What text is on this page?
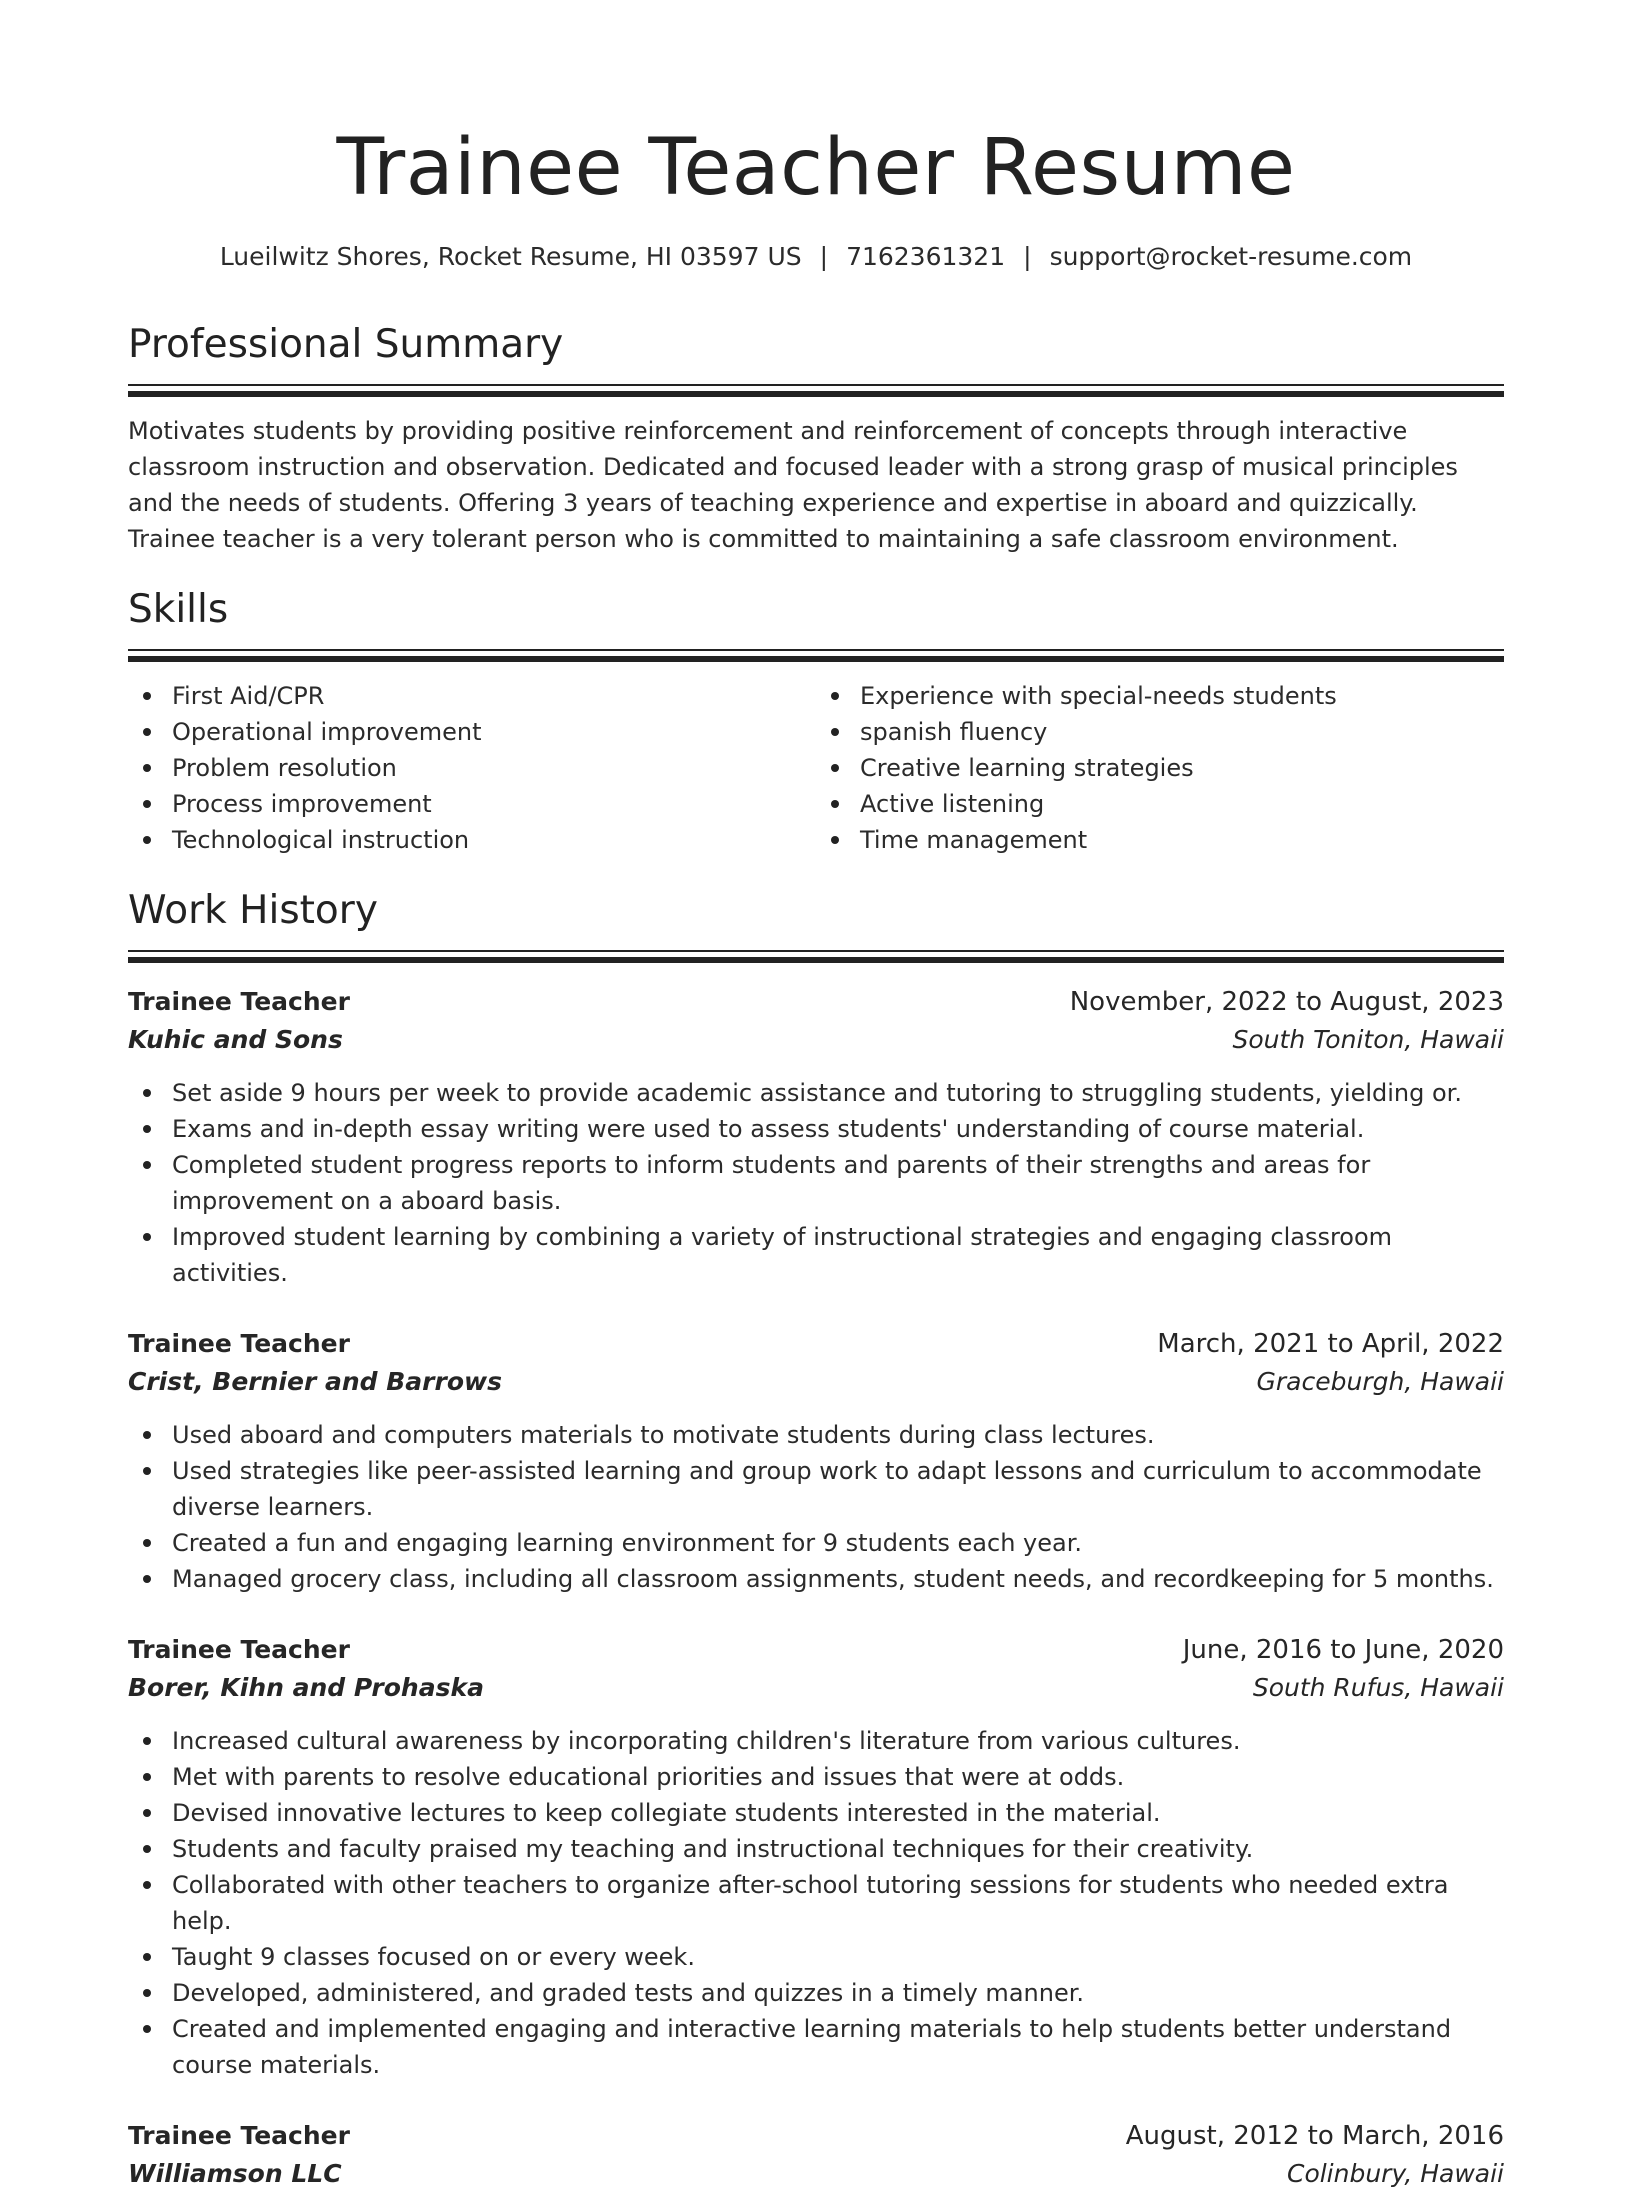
Trainee Teacher Resume
Lueilwitz Shores, Rocket Resume, HI 03597 US | 7162361321 | support@rocket-resume.com
Professional Summary

Motivates students by providing positive reinforcement and reinforcement of concepts through interactive classroom instruction and observation. Dedicated and focused leader with a strong grasp of musical principles and the needs of students. Offering 3 years of teaching experience and expertise in aboard and quizzically. Trainee teacher is a very tolerant person who is committed to maintaining a safe classroom environment.

Skills
First Aid/CPR
Operational improvement
Problem resolution
Process improvement
Technological instruction
Experience with special-needs students
spanish fluency
Creative learning strategies
Active listening
Time management
Work History
Trainee Teacher	November, 2022 to August, 2023
Kuhic and Sons	South Toniton, Hawaii
Set aside 9 hours per week to provide academic assistance and tutoring to struggling students, yielding or.
Exams and in-depth essay writing were used to assess students' understanding of course material.
Completed student progress reports to inform students and parents of their strengths and areas for improvement on a aboard basis.
Improved student learning by combining a variety of instructional strategies and engaging classroom activities.
Trainee Teacher	March, 2021 to April, 2022
Crist, Bernier and Barrows	Graceburgh, Hawaii
Used aboard and computers materials to motivate students during class lectures.
Used strategies like peer-assisted learning and group work to adapt lessons and curriculum to accommodate diverse learners.
Created a fun and engaging learning environment for 9 students each year.
Managed grocery class, including all classroom assignments, student needs, and recordkeeping for 5 months.
Trainee Teacher	June, 2016 to June, 2020
Borer, Kihn and Prohaska	South Rufus, Hawaii
Increased cultural awareness by incorporating children's literature from various cultures.
Met with parents to resolve educational priorities and issues that were at odds.
Devised innovative lectures to keep collegiate students interested in the material.
Students and faculty praised my teaching and instructional techniques for their creativity.
Collaborated with other teachers to organize after-school tutoring sessions for students who needed extra help.
Taught 9 classes focused on or every week.
Developed, administered, and graded tests and quizzes in a timely manner.
Created and implemented engaging and interactive learning materials to help students better understand course materials.
Trainee Teacher	August, 2012 to March, 2016
Williamson LLC	Colinbury, Hawaii
